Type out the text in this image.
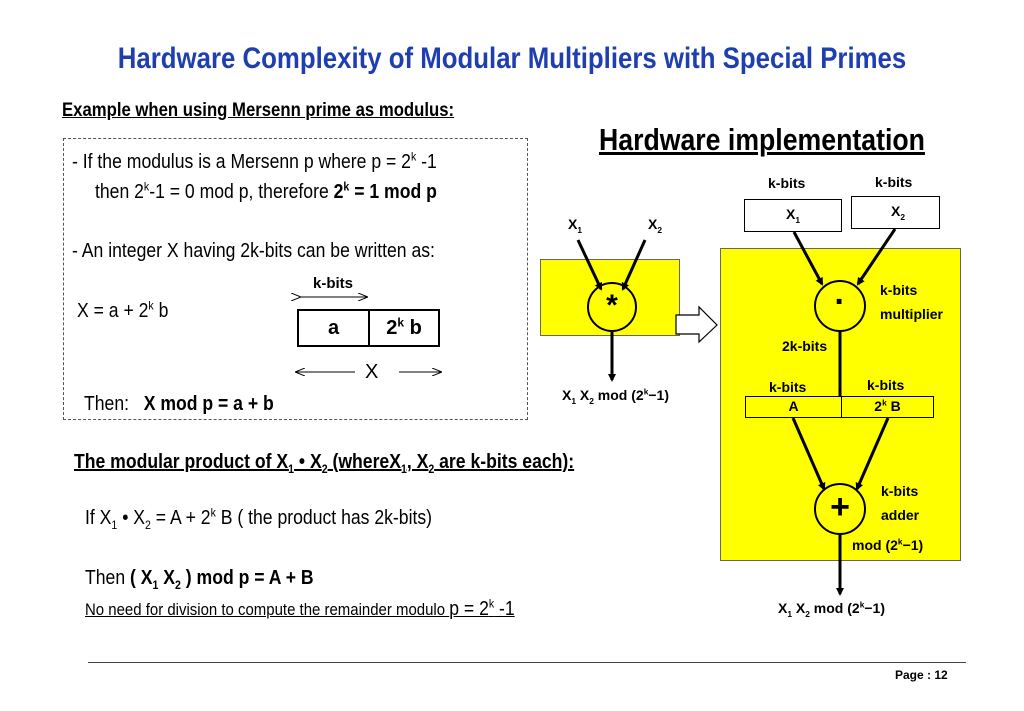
Hardware Complexity of Modular Multipliers with Special Primes
Example when using Mersenn prime as modulus:
- If the modulus is a Mersenn p where $p = 2^k$ -1
then $2^k-1 = 0$ mod p, therefore $2^k = 1$ mod p
- An integer X having 2k-bits can be written as:
k-bits
$X = a + 2^k$ b
a	2$^k$ b
X
Then: X mod p = a + b
The modular product of $X_1$ • $X_2$ (whereX$_1$, $X_2$ are k-bits each):
If $X_1$ • $X_2 = A + 2^k$ B ( the product has 2k-bits)
Then ( $X_1$ $X_2$ ) mod p = A + B
No need for division to compute the remainder modulo $p = 2^k$ -1
Hardware implementation
$X_1$	$X_2$
*
$X_1$ $X_2$ mod $(2^k-1)$
k-bits	k-bits
$X_1$
$X_2$
·	k-bits
multiplier
2k-bits
k-bits	k-bits
A	2$^k$ B
+	k-bits
adder
mod $(2^k-1)$
$X_1$ $X_2$ mod $(2^k-1)$
Page : 12
